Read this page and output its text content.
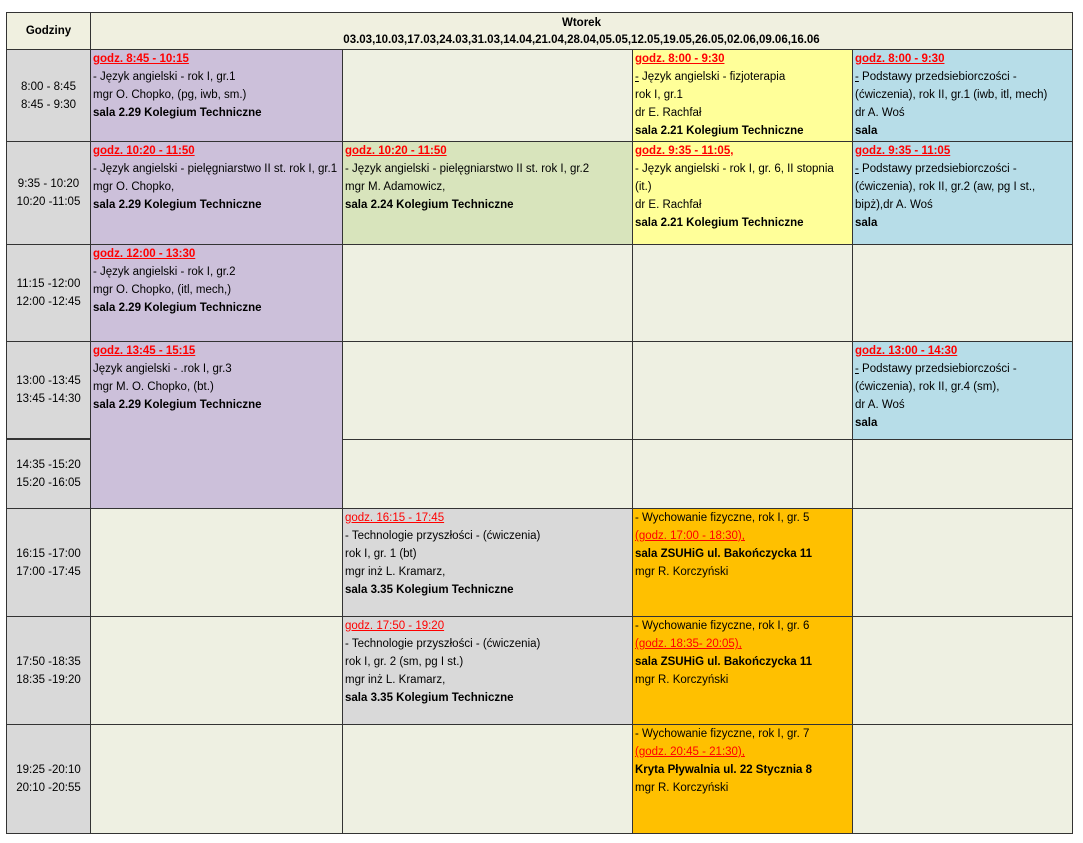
Godziny
Wtorek
03.03,10.03,17.03,24.03,31.03,14.04,21.04,28.04,05.05,12.05,19.05,26.05,02.06,09.06,16.06
8:00 - 8:45
8:45 - 9:30
9:35 - 10:20
10:20 -11:05
11:15 -12:00
12:00 -12:45
13:00 -13:45
13:45 -14:30
14:35 -15:20
15:20 -16:05
16:15 -17:00
17:00 -17:45
17:50 -18:35
18:35 -19:20
19:25 -20:10
20:10 -20:55
godz. 8:45 - 10:15
- Język angielski - rok I, gr.1
mgr O. Chopko, (pg, iwb, sm.)
sala 2.29 Kolegium Techniczne
godz. 10:20 - 11:50
- Język angielski - pielęgniarstwo II st. rok I, gr.1
mgr O. Chopko,
sala 2.29 Kolegium Techniczne
godz. 12:00 - 13:30
- Język angielski - rok I, gr.2
mgr O. Chopko, (itl, mech,)
sala 2.29 Kolegium Techniczne
godz. 13:45 - 15:15
Język angielski - .rok I, gr.3
mgr M. O. Chopko, (bt.)
sala 2.29 Kolegium Techniczne
godz. 10:20 - 11:50
- Język angielski - pielęgniarstwo II st. rok I, gr.2
mgr M. Adamowicz,
sala 2.24 Kolegium Techniczne
godz. 16:15 - 17:45
- Technologie przyszłości - (ćwiczenia)
rok I, gr. 1 (bt)
mgr inż L. Kramarz,
sala 3.35 Kolegium Techniczne
godz. 17:50 - 19:20
- Technologie przyszłości - (ćwiczenia)
rok I, gr. 2 (sm, pg I st.)
mgr inż L. Kramarz,
sala 3.35 Kolegium Techniczne
godz. 8:00 - 9:30
- Język angielski - fizjoterapia
rok I, gr.1
dr E. Rachfał
sala 2.21 Kolegium Techniczne
godz. 9:35 - 11:05,
- Język angielski - rok I, gr. 6, II stopnia (it.)
dr E. Rachfał
sala 2.21 Kolegium Techniczne
- Wychowanie fizyczne, rok I, gr. 5
(godz. 17:00 - 18:30),
sala ZSUHiG ul. Bakończycka 11
mgr R. Korczyński
- Wychowanie fizyczne, rok I, gr. 6
(godz. 18:35- 20:05),
sala ZSUHiG ul. Bakończycka 11
mgr R. Korczyński
- Wychowanie fizyczne, rok I, gr. 7
(godz. 20:45 - 21:30),
Kryta Pływalnia ul. 22 Stycznia 8
mgr R. Korczyński
godz. 8:00 - 9:30
- Podstawy przedsiebiorczości - (ćwiczenia), rok II, gr.1 (iwb, itl, mech)
dr A. Woś
sala
godz. 9:35 - 11:05
- Podstawy przedsiebiorczości - (ćwiczenia), rok II, gr.2 (aw, pg I st., bipż),dr A. Woś
sala
godz. 13:00 - 14:30
- Podstawy przedsiebiorczości - (ćwiczenia), rok II, gr.4 (sm),
dr A. Woś
sala
